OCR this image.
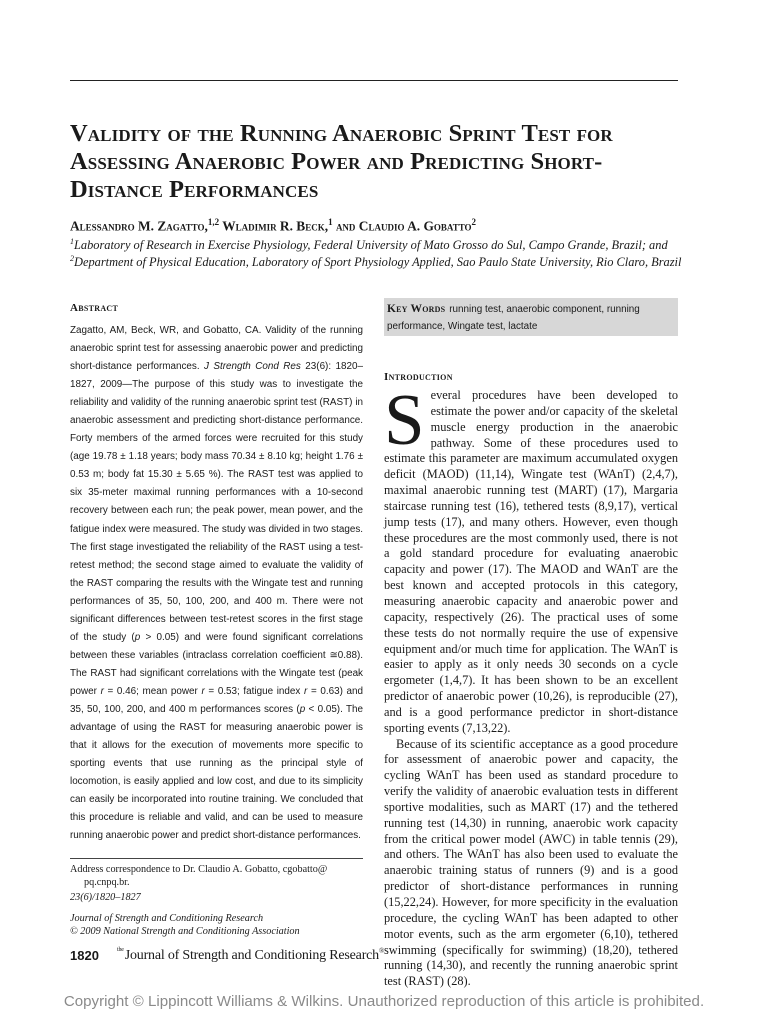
Validity of the Running Anaerobic Sprint Test for Assessing Anaerobic Power and Predicting Short-Distance Performances

Alessandro M. Zagatto,$^{1,2}$ Wladimir R. Beck,$^1$ and Claudio A. Gobatto$^2$

$^1$Laboratory of Research in Exercise Physiology, Federal University of Mato Grosso do Sul, Campo Grande, Brazil; and

$^2$Department of Physical Education, Laboratory of Sport Physiology Applied, Sao Paulo State University, Rio Claro, Brazil

Abstract

Zagatto, AM, Beck, WR, and Gobatto, CA. Validity of the running anaerobic sprint test for assessing anaerobic power and predicting short-distance performances. J Strength Cond Res 23(6): 1820–1827, 2009—The purpose of this study was to investigate the reliability and validity of the running anaerobic sprint test (RAST) in anaerobic assessment and predicting short-distance performance. Forty members of the armed forces were recruited for this study (age 19.78 ± 1.18 years; body mass 70.34 ± 8.10 kg; height 1.76 ± 0.53 m; body fat 15.30 ± 5.65 %). The RAST test was applied to six 35-meter maximal running performances with a 10-second recovery between each run; the peak power, mean power, and the fatigue index were measured. The study was divided in two stages. The first stage investigated the reliability of the RAST using a test-retest method; the second stage aimed to evaluate the validity of the RAST comparing the results with the Wingate test and running performances of 35, 50, 100, 200, and 400 m. There were not significant differences between test-retest scores in the first stage of the study (p > 0.05) and were found significant correlations between these variables (intraclass correlation coefficient ≅0.88). The RAST had significant correlations with the Wingate test (peak power r = 0.46; mean power r = 0.53; fatigue index r = 0.63) and 35, 50, 100, 200, and 400 m performances scores (p < 0.05). The advantage of using the RAST for measuring anaerobic power is that it allows for the execution of movements more specific to sporting events that use running as the principal style of locomotion, is easily applied and low cost, and due to its simplicity can easily be incorporated into routine training. We concluded that this procedure is reliable and valid, and can be used to measure running anaerobic power and predict short-distance performances.

Key Words running test, anaerobic component, running performance, Wingate test, lactate
Introduction

Several procedures have been developed to estimate the power and/or capacity of the skeletal muscle energy production in the anaerobic pathway. Some of these procedures used to estimate this parameter are maximum accumulated oxygen deficit (MAOD) (11,14), Wingate test (WAnT) (2,4,7), maximal anaerobic running test (MART) (17), Margaria staircase running test (16), tethered tests (8,9,17), vertical jump tests (17), and many others. However, even though these procedures are the most commonly used, there is not a gold standard procedure for evaluating anaerobic capacity and power (17). The MAOD and WAnT are the best known and accepted protocols in this category, measuring anaerobic capacity and anaerobic power and capacity, respectively (26). The practical uses of some these tests do not normally require the use of expensive equipment and/or much time for application. The WAnT is easier to apply as it only needs 30 seconds on a cycle ergometer (1,4,7). It has been shown to be an excellent predictor of anaerobic power (10,26), is reproducible (27), and is a good performance predictor in short-distance sporting events (7,13,22).

Because of its scientific acceptance as a good procedure for assessment of anaerobic power and capacity, the cycling WAnT has been used as standard procedure to verify the validity of anaerobic evaluation tests in different sportive modalities, such as MART (17) and the tethered running test (14,30) in running, anaerobic work capacity from the critical power model (AWC) in table tennis (29), and others. The WAnT has also been used to evaluate the anaerobic training status of runners (9) and is a good predictor of short-distance performances in running (15,22,24). However, for more specificity in the evaluation procedure, the cycling WAnT has been adapted to other motor events, such as the arm ergometer (6,10), tethered swimming (specifically for swimming) (18,20), tethered running (14,30), and recently the running anaerobic sprint test (RAST) (28).

Address correspondence to Dr. Claudio A. Gobatto, cgobatto@
pq.cnpq.br.

23(6)/1820–1827

Journal of Strength and Conditioning Research
© 2009 National Strength and Conditioning Association

1820	$^{the}$Journal of Strength and Conditioning Research®

Copyright © Lippincott Williams & Wilkins. Unauthorized reproduction of this article is prohibited.
